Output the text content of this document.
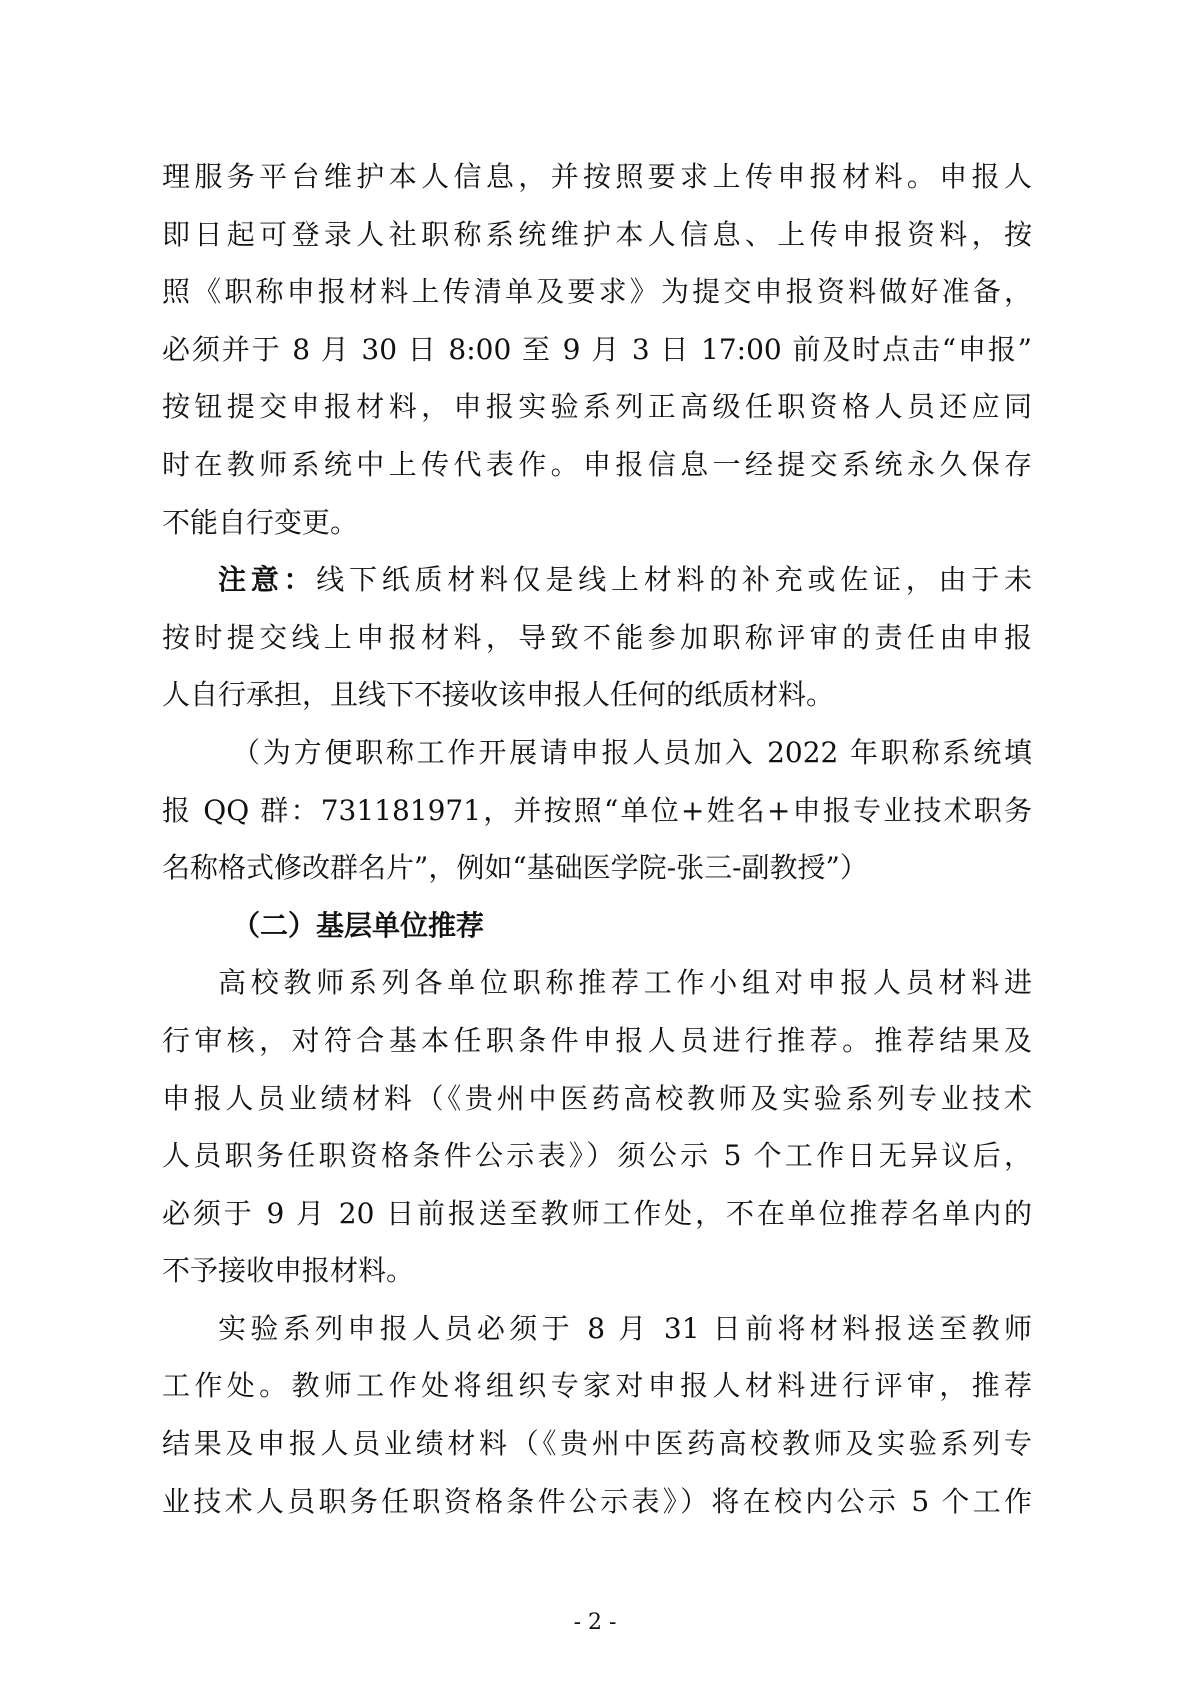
理服务平台维护本人信息，并按照要求上传申报材料。申报人
即日起可登录人社职称系统维护本人信息、上传申报资料，按
照《职称申报材料上传清单及要求》为提交申报资料做好准备，
必须并于 8 月 30 日 8:00 至 9 月 3 日 17:00 前及时点击“申报”
按钮提交申报材料，申报实验系列正高级任职资格人员还应同
时在教师系统中上传代表作。申报信息一经提交系统永久保存
不能自行变更。
注意：线下纸质材料仅是线上材料的补充或佐证，由于未
按时提交线上申报材料，导致不能参加职称评审的责任由申报
人自行承担，且线下不接收该申报人任何的纸质材料。
（为方便职称工作开展请申报人员加入 2022 年职称系统填
报 QQ 群：731181971，并按照“单位+姓名+申报专业技术职务
名称格式修改群名片”，例如“基础医学院-张三-副教授”）
（二）基层单位推荐
高校教师系列各单位职称推荐工作小组对申报人员材料进
行审核，对符合基本任职条件申报人员进行推荐。推荐结果及
申报人员业绩材料（《贵州中医药高校教师及实验系列专业技术
人员职务任职资格条件公示表》）须公示 5 个工作日无异议后，
必须于 9 月 20 日前报送至教师工作处，不在单位推荐名单内的
不予接收申报材料。
实验系列申报人员必须于 8 月 31 日前将材料报送至教师
工作处。教师工作处将组织专家对申报人材料进行评审，推荐
结果及申报人员业绩材料（《贵州中医药高校教师及实验系列专
业技术人员职务任职资格条件公示表》）将在校内公示 5 个工作
- 2 -
